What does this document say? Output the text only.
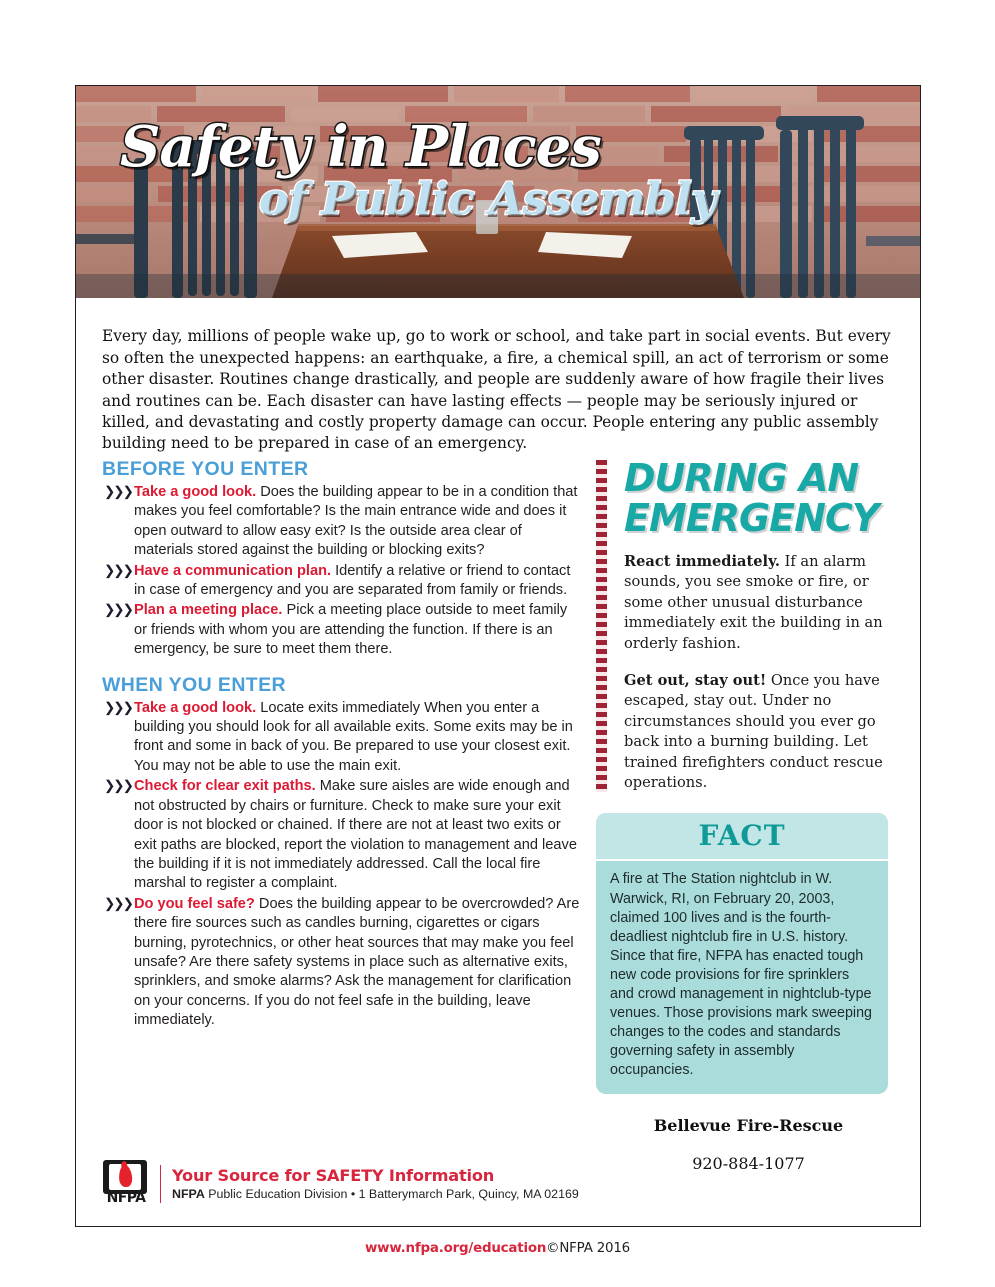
Safety in Places
of Public Assembly

Every day, millions of people wake up, go to work or school, and take part in social events. But every so often the unexpected happens: an earthquake, a fire, a chemical spill, an act of terrorism or some other disaster. Routines change drastically, and people are suddenly aware of how fragile their lives and routines can be. Each disaster can have lasting effects — people may be seriously injured or killed, and devastating and costly property damage can occur. People entering any public assembly building need to be prepared in case of an emergency.

BEFORE YOU ENTER
❯❯❯ Take a good look. Does the building appear to be in a condition that makes you feel comfortable? Is the main entrance wide and does it open outward to allow easy exit? Is the outside area clear of materials stored against the building or blocking exits?
❯❯❯ Have a communication plan. Identify a relative or friend to contact in case of emergency and you are separated from family or friends.
❯❯❯ Plan a meeting place. Pick a meeting place outside to meet family or friends with whom you are attending the function. If there is an emergency, be sure to meet them there.
WHEN YOU ENTER
❯❯❯ Take a good look. Locate exits immediately When you enter a building you should look for all available exits. Some exits may be in front and some in back of you. Be prepared to use your closest exit. You may not be able to use the main exit.
❯❯❯ Check for clear exit paths. Make sure aisles are wide enough and not obstructed by chairs or furniture. Check to make sure your exit door is not blocked or chained. If there are not at least two exits or exit paths are blocked, report the violation to management and leave the building if it is not immediately addressed. Call the local fire marshal to register a complaint.
❯❯❯ Do you feel safe? Does the building appear to be overcrowded? Are there fire sources such as candles burning, cigarettes or cigars burning, pyrotechnics, or other heat sources that may make you feel unsafe? Are there safety systems in place such as alternative exits, sprinklers, and smoke alarms? Ask the management for clarification on your concerns. If you do not feel safe in the building, leave immediately.
DURING AN
EMERGENCY

React immediately. If an alarm sounds, you see smoke or fire, or some other unusual disturbance immediately exit the building in an orderly fashion.

Get out, stay out! Once you have escaped, stay out. Under no circumstances should you ever go back into a burning building. Let trained firefighters conduct rescue operations.

FACT
A fire at The Station nightclub in W. Warwick, RI, on February 20, 2003, claimed 100 lives and is the fourth-deadliest nightclub fire in U.S. history. Since that fire, NFPA has enacted tough new code provisions for fire sprinklers and crowd management in nightclub-type venues. Those provisions mark sweeping changes to the codes and standards governing safety in assembly occupancies.
Bellevue Fire-Rescue
920-884-1077
NFPA
Your Source for SAFETY Information
NFPA Public Education Division • 1 Batterymarch Park, Quincy, MA 02169
www.nfpa.org/education©NFPA 2016
